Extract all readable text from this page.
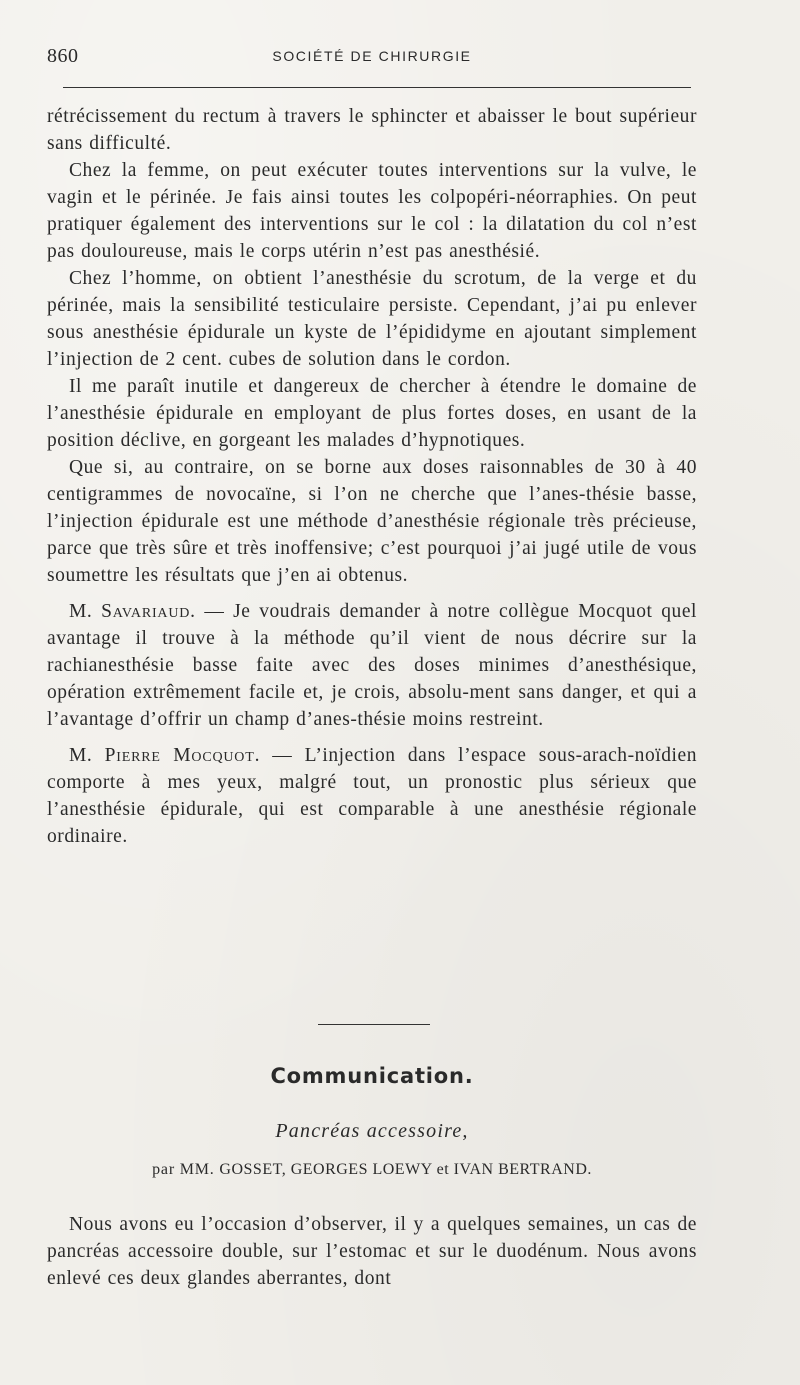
860	SOCIÉTÉ DE CHIRURGIE

rétrécissement du rectum à travers le sphincter et abaisser le bout supérieur sans difficulté.

Chez la femme, on peut exécuter toutes interventions sur la vulve, le vagin et le périnée. Je fais ainsi toutes les colpopéri-néorraphies. On peut pratiquer également des interventions sur le col : la dilatation du col n’est pas douloureuse, mais le corps utérin n’est pas anesthésié.

Chez l’homme, on obtient l’anesthésie du scrotum, de la verge et du périnée, mais la sensibilité testiculaire persiste. Cependant, j’ai pu enlever sous anesthésie épidurale un kyste de l’épididyme en ajoutant simplement l’injection de 2 cent. cubes de solution dans le cordon.

Il me paraît inutile et dangereux de chercher à étendre le domaine de l’anesthésie épidurale en employant de plus fortes doses, en usant de la position déclive, en gorgeant les malades d’hypnotiques.

Que si, au contraire, on se borne aux doses raisonnables de 30 à 40 centigrammes de novocaïne, si l’on ne cherche que l’anes-thésie basse, l’injection épidurale est une méthode d’anesthésie régionale très précieuse, parce que très sûre et très inoffensive; c’est pourquoi j’ai jugé utile de vous soumettre les résultats que j’en ai obtenus.

M. Savariaud. — Je voudrais demander à notre collègue Mocquot quel avantage il trouve à la méthode qu’il vient de nous décrire sur la rachianesthésie basse faite avec des doses minimes d’anesthésique, opération extrêmement facile et, je crois, absolu-ment sans danger, et qui a l’avantage d’offrir un champ d’anes-thésie moins restreint.

M. Pierre Mocquot. — L’injection dans l’espace sous-arach-noïdien comporte à mes yeux, malgré tout, un pronostic plus sérieux que l’anesthésie épidurale, qui est comparable à une anesthésie régionale ordinaire.

Communication.
Pancréas accessoire,
par MM. GOSSET, GEORGES LOEWY et IVAN BERTRAND.

Nous avons eu l’occasion d’observer, il y a quelques semaines, un cas de pancréas accessoire double, sur l’estomac et sur le duodénum. Nous avons enlevé ces deux glandes aberrantes, dont
